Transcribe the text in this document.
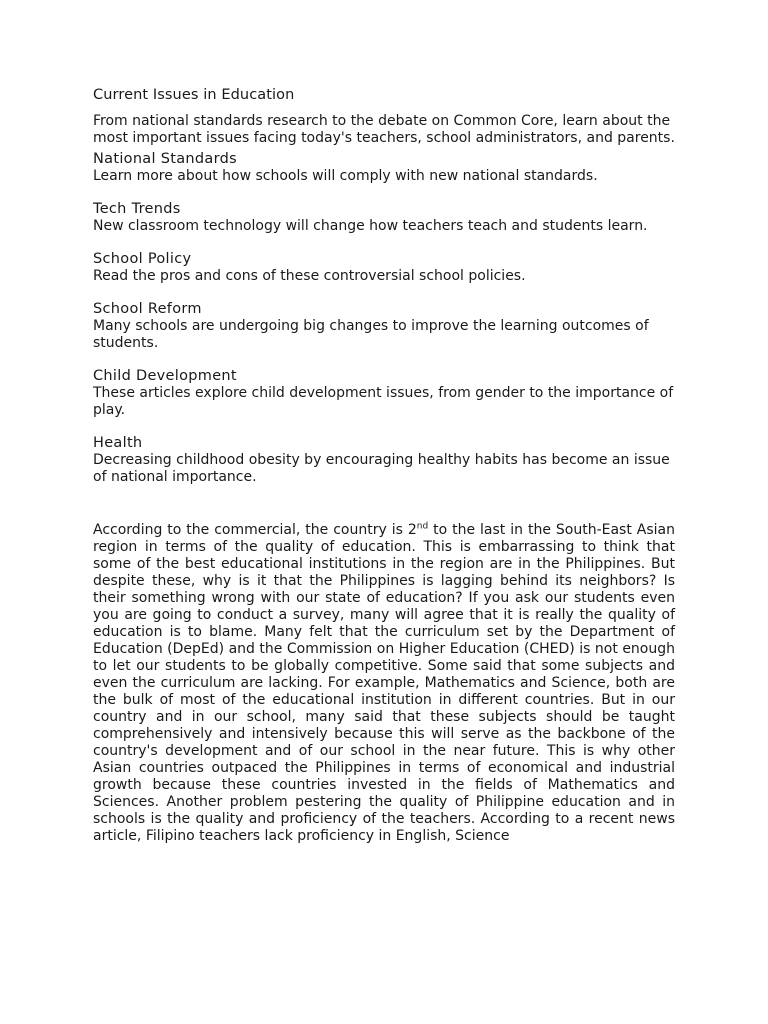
Current Issues in Education

From national standards research to the debate on Common Core, learn about the most important issues facing today's teachers, school administrators, and parents.

National Standards

Learn more about how schools will comply with new national standards.

Tech Trends

New classroom technology will change how teachers teach and students learn.

School Policy

Read the pros and cons of these controversial school policies.

School Reform

Many schools are undergoing big changes to improve the learning outcomes of students.

Child Development

These articles explore child development issues, from gender to the importance of play.

Health

Decreasing childhood obesity by encouraging healthy habits has become an issue of national importance.

According to the commercial, the country is 2nd to the last in the South-East Asian region in terms of the quality of education. This is embarrassing to think that some of the best educational institutions in the region are in the Philippines. But despite these, why is it that the Philippines is lagging behind its neighbors? Is their something wrong with our state of education? If you ask our students even you are going to conduct a survey, many will agree that it is really the quality of education is to blame. Many felt that the curriculum set by the Department of Education (DepEd) and the Commission on Higher Education (CHED) is not enough to let our students to be globally competitive. Some said that some subjects and even the curriculum are lacking. For example, Mathematics and Science, both are the bulk of most of the educational institution in different countries. But in our country and in our school, many said that these subjects should be taught comprehensively and intensively because this will serve as the backbone of the country's development and of our school in the near future. This is why other Asian countries outpaced the Philippines in terms of economical and industrial growth because these countries invested in the fields of Mathematics and Sciences. Another problem pestering the quality of Philippine education and in schools is the quality and proficiency of the teachers. According to a recent news article, Filipino teachers lack proficiency in English, Science
